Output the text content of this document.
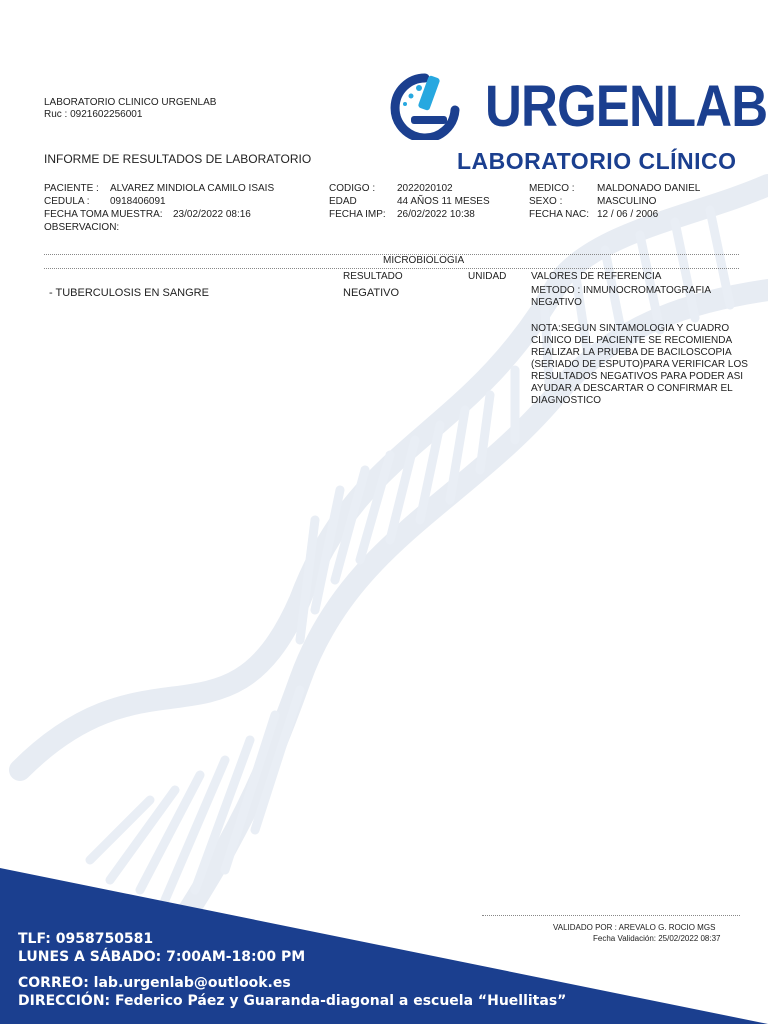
URGENLAB
LABORATORIO CLÍNICO
LABORATORIO CLINICO URGENLAB
Ruc : 0921602256001
INFORME DE RESULTADOS DE LABORATORIO
PACIENTE : ALVAREZ MINDIOLA CAMILO ISAIS
CEDULA : 0918406091
FECHA TOMA MUESTRA: 23/02/2022 08:16
OBSERVACION:
CODIGO : 2022020102
EDAD	44 AÑOS 11 MESES
FECHA IMP: 26/02/2022 10:38
MEDICO : MALDONADO DANIEL
SEXO :	MASCULINO
FECHA NAC: 12 / 06 / 2006
MICROBIOLOGIA
RESULTADO	UNIDAD VALORES DE REFERENCIA
- TUBERCULOSIS EN SANGRE	NEGATIVO	METODO : INMUNOCROMATOGRAFIA
NEGATIVO
NOTA:SEGUN SINTAMOLOGIA Y CUADRO
CLINICO DEL PACIENTE SE RECOMIENDA
REALIZAR LA PRUEBA DE BACILOSCOPIA
(SERIADO DE ESPUTO)PARA VERIFICAR LOS
RESULTADOS NEGATIVOS PARA PODER ASI
AYUDAR A DESCARTAR O CONFIRMAR EL
DIAGNOSTICO
VALIDADO POR : AREVALO G. ROCIO MGS
Fecha Validación: 25/02/2022 08:37
TLF: 0958750581
LUNES A SÁBADO: 7:00AM-18:00 PM
CORREO: lab.urgenlab@outlook.es
DIRECCIÓN: Federico Páez y Guaranda-diagonal a escuela “Huellitas”
